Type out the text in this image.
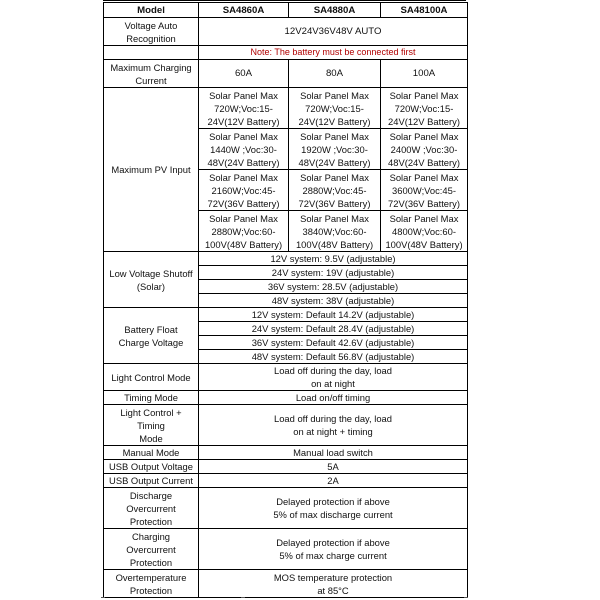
Model	SA4860A	SA4880A	SA48100A
Voltage Auto
Recognition	12V24V36V48V AUTO		
	Note: The battery must be connected first		
Maximum Charging
Current	60A	80A	100A
Maximum PV Input	Solar Panel Max
720W;Voc:15-
24V(12V Battery)	Solar Panel Max
720W;Voc:15-
24V(12V Battery)	Solar Panel Max
720W;Voc:15-
24V(12V Battery)
	Solar Panel Max
1440W ;Voc:30-
48V(24V Battery)	Solar Panel Max
1920W ;Voc:30-
48V(24V Battery)	Solar Panel Max
2400W ;Voc:30-
48V(24V Battery)
	Solar Panel Max
2160W;Voc:45-
72V(36V Battery)	Solar Panel Max
2880W;Voc:45-
72V(36V Battery)	Solar Panel Max
3600W;Voc:45-
72V(36V Battery)
	Solar Panel Max
2880W;Voc:60-
100V(48V Battery)	Solar Panel Max
3840W;Voc:60-
100V(48V Battery)	Solar Panel Max
4800W;Voc:60-
100V(48V Battery)
Low Voltage Shutoff
(Solar)	12V system: 9.5V (adjustable)		
	24V system: 19V (adjustable)		
	36V system: 28.5V (adjustable)		
	48V system: 38V (adjustable)		
Battery Float
Charge Voltage	12V system: Default 14.2V (adjustable)		
	24V system: Default 28.4V (adjustable)		
	36V system: Default 42.6V (adjustable)		
	48V system: Default 56.8V (adjustable)		
Light Control Mode	Load off during the day, load
on at night		
Timing Mode	Load on/off timing		
Light Control +
Timing
Mode	Load off during the day, load
on at night + timing		
Manual Mode	Manual load switch		
USB Output Voltage	5A		
USB Output Current	2A		
Discharge
Overcurrent
Protection	Delayed protection if above
5% of max discharge current		
Charging
Overcurrent
Protection	Delayed protection if above
5% of max charge current		
Overtemperature
Protection	MOS temperature protection
at 85°C		
